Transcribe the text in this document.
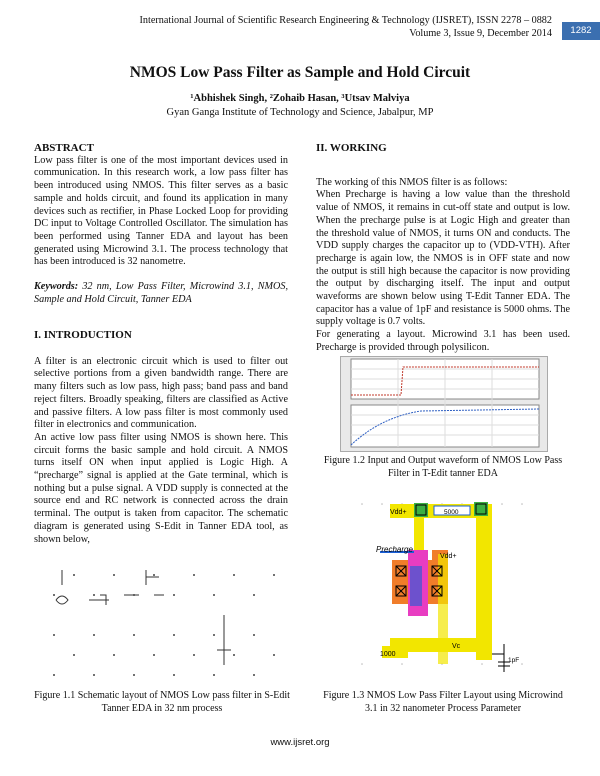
International Journal of Scientific Research Engineering & Technology (IJSRET), ISSN 2278 – 0882
Volume 3, Issue 9, December 2014	1282
NMOS Low Pass Filter as Sample and Hold Circuit
¹Abhishek Singh, ²Zohaib Hasan, ³Utsav Malviya
Gyan Ganga Institute of Technology and Science, Jabalpur, MP
ABSTRACT

Low pass filter is one of the most important devices used in communication. In this research work, a low pass filter has been introduced using NMOS. This filter serves as a basic sample and holds circuit, and found its application in many devices such as rectifier, in Phase Locked Loop for providing DC input to Voltage Controlled Oscillator. The simulation has been performed using Tanner EDA and layout has been generated using Microwind 3.1. The process technology that has been introduced is 32 nanometre.

Keywords: 32 nm, Low Pass Filter, Microwind 3.1, NMOS, Sample and Hold Circuit, Tanner EDA

I. INTRODUCTION

A filter is an electronic circuit which is used to filter out selective portions from a given bandwidth range. There are many filters such as low pass, high pass; band pass and band reject filters. Broadly speaking, filters are classified as Active and passive filters. A low pass filter is most commonly used filter in electronics and communication.

An active low pass filter using NMOS is shown here. This circuit forms the basic sample and hold circuit. A NMOS turns itself ON when input applied is Logic High. A “precharge” signal is applied at the Gate terminal, which is nothing but a pulse signal. A VDD supply is connected at the source end and RC network is connected across the drain terminal. The output is taken from capacitor. The schematic diagram is generated using S-Edit in Tanner EDA tool, as shown below,

Figure 1.1 Schematic layout of NMOS Low pass filter in S-Edit Tanner EDA in 32 nm process
II. WORKING

The working of this NMOS filter is as follows:

When Precharge is having a low value than the threshold value of NMOS, it remains in cut-off state and output is low. When the precharge pulse is at Logic High and greater than the threshold value of NMOS, it turns ON and conducts. The VDD supply charges the capacitor up to (VDD-VTH). After precharge is again low, the NMOS is in OFF state and now the output is still high because the capacitor is now providing the output by discharging itself. The input and output waveforms are shown below using T-Edit Tanner EDA. The capacitor has a value of 1pF and resistance is 5000 ohms. The supply voltage is 0.7 volts.

For generating a layout. Microwind 3.1 has been used. Precharge is provided through polysilicon.

Figure 1.2 Input and Output waveform of NMOS Low Pass Filter in T-Edit tanner EDA
Vdd+	5000
Precharge
Vdd+
1000
Vc
1pF
Figure 1.3 NMOS Low Pass Filter Layout using Microwind 3.1 in 32 nanometer Process Parameter
www.ijsret.org
